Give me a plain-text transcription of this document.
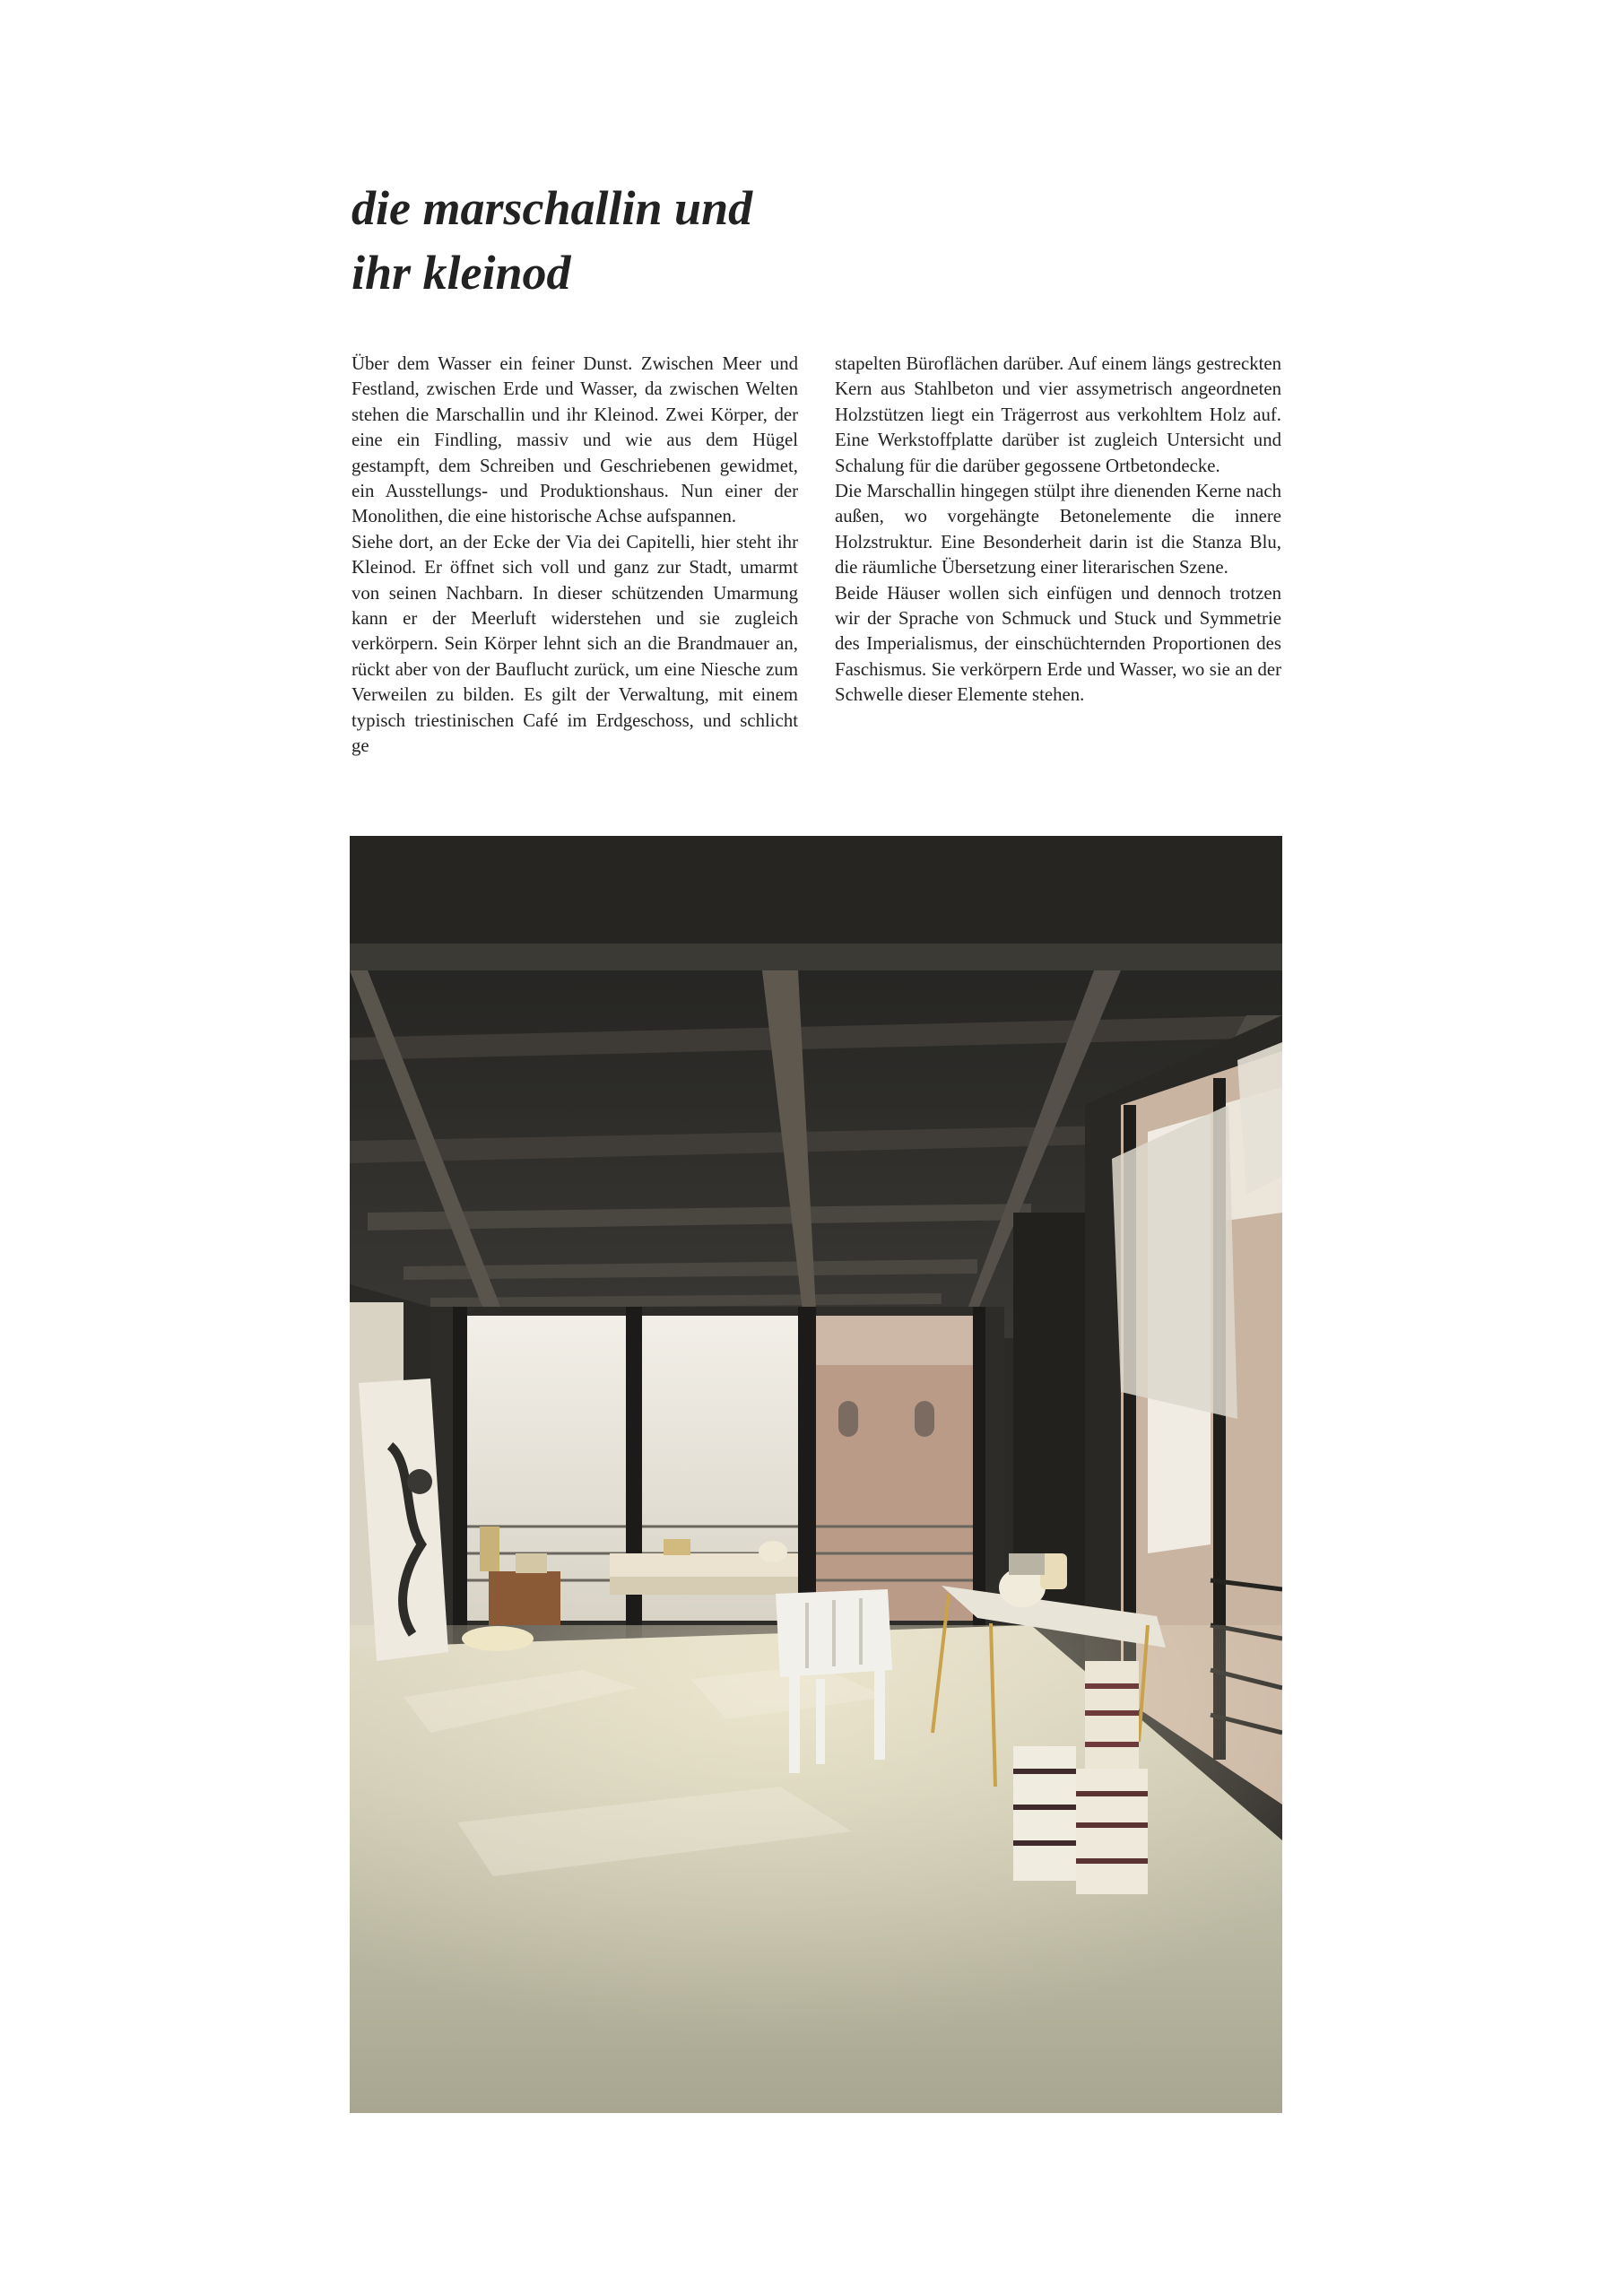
die marschallin und
ihr kleinod

Über dem Wasser ein feiner Dunst. Zwischen Meer und Festland, zwischen Erde und Wasser, da zwischen Welten stehen die Marschallin und ihr Kleinod. Zwei Körper, der eine ein Findling, massiv und wie aus dem Hügel gestampft, dem Schreiben und Geschriebenen gewidmet, ein Ausstellungs- und Produktionshaus. Nun einer der Monolithen, die eine historische Achse aufspannen.

Siehe dort, an der Ecke der Via dei Capitelli, hier steht ihr Kleinod. Er öffnet sich voll und ganz zur Stadt, umarmt von seinen Nachbarn. In dieser schützenden Umarmung kann er der Meerluft widerstehen und sie zugleich verkörpern. Sein Körper lehnt sich an die Brandmauer an, rückt aber von der Bauflucht zurück, um eine Niesche zum Verweilen zu bilden. Es gilt der Verwaltung, mit einem typisch triestinischen Café im Erdgeschoss, und schlicht ge

stapelten Büroflächen darüber. Auf einem längs gestreckten Kern aus Stahlbeton und vier assymetrisch angeordneten Holzstützen liegt ein Trägerrost aus verkohltem Holz auf. Eine Werkstoffplatte darüber ist zugleich Untersicht und Schalung für die darüber gegossene Ortbetondecke.

Die Marschallin hingegen stülpt ihre dienenden Kerne nach außen, wo vorgehängte Betonelemente die innere Holzstruktur. Eine Besonderheit darin ist die Stanza Blu, die räumliche Übersetzung einer literarischen Szene.

Beide Häuser wollen sich einfügen und dennoch trotzen wir der Sprache von Schmuck und Stuck und Symmetrie des Imperialismus, der einschüchternden Proportionen des Faschismus. Sie verkörpern Erde und Wasser, wo sie an der Schwelle dieser Elemente stehen.
